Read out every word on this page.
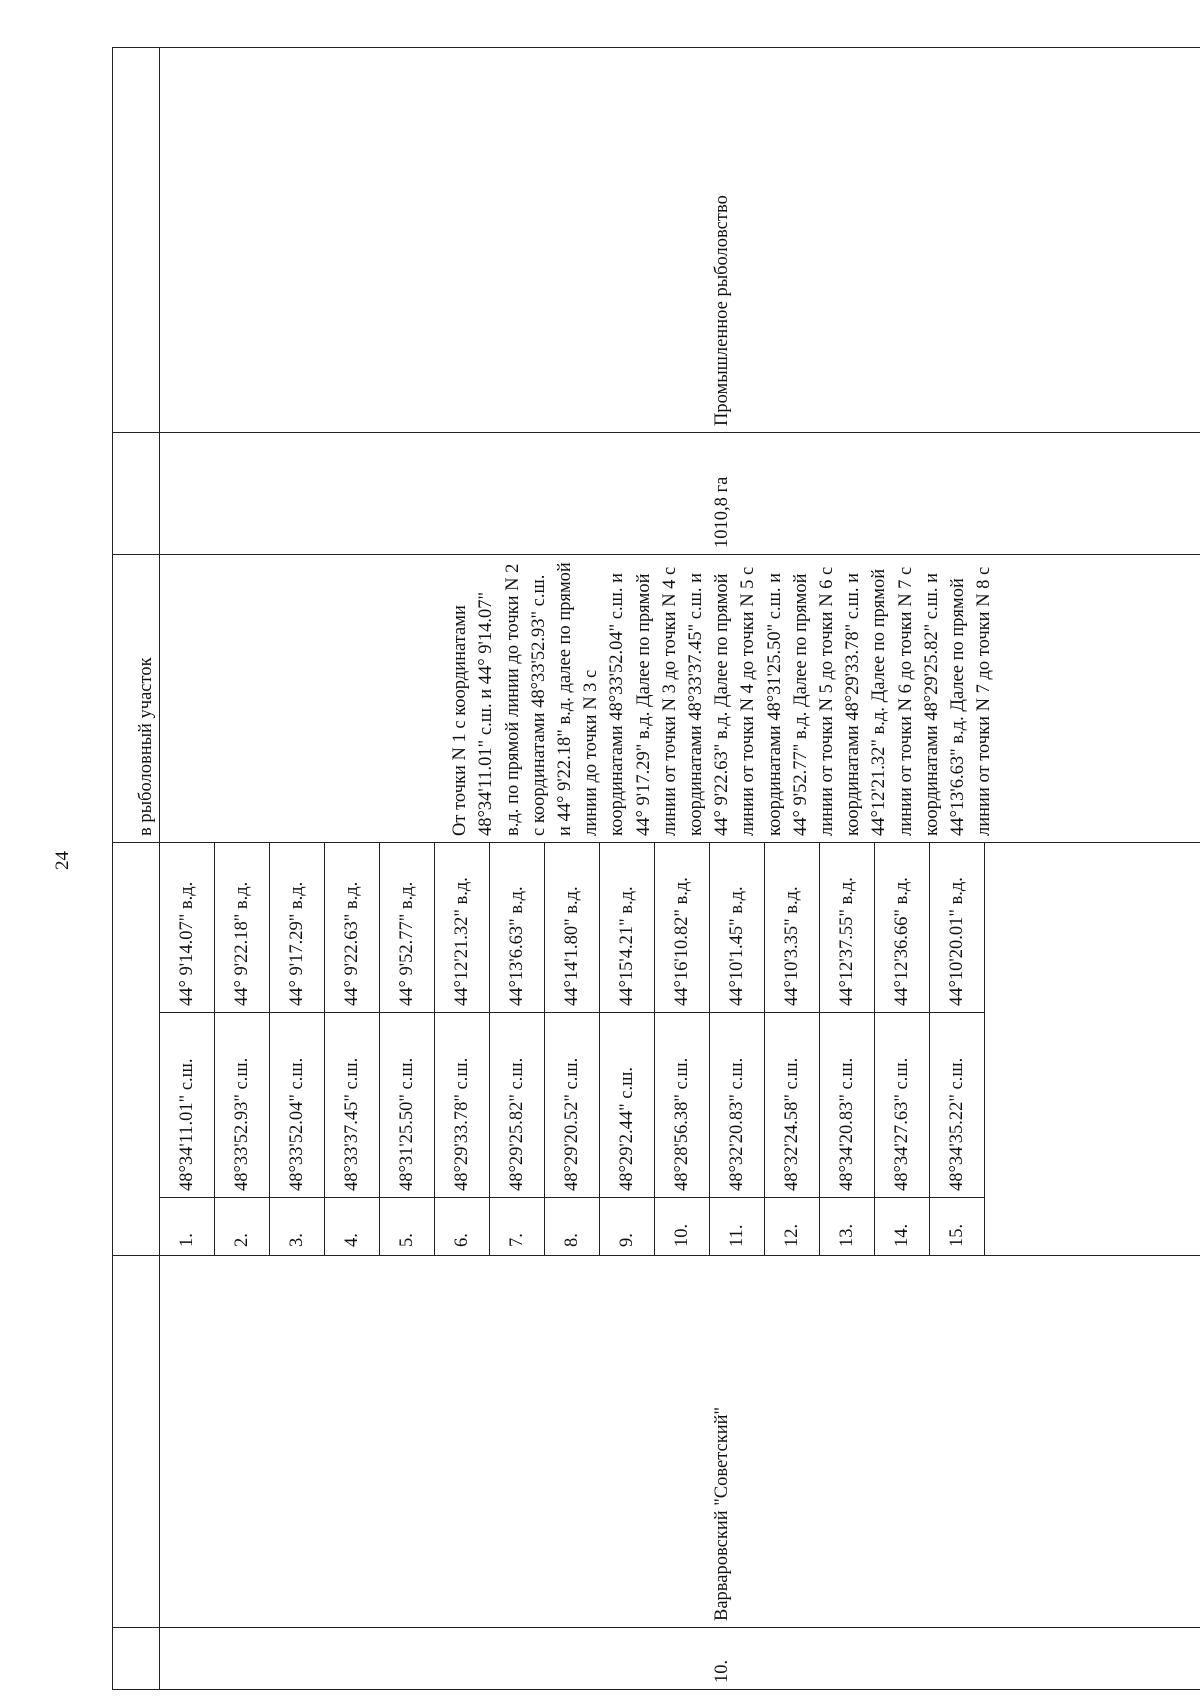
24
					в рыболовный участок		
10.	Варваровский "Советский"	1.	48°34'11.01" с.ш.	44° 9'14.07" в.д.	От точки N 1 с координатами 48°34'11.01" с.ш. и 44° 9'14.07" в.д. по прямой линии до точки N 2 с координатами 48°33'52.93" с.ш. и 44° 9'22.18" в.д. далее по прямой линии до точки N 3 с координатами 48°33'52.04" с.ш. и 44° 9'17.29" в.д. Далее по прямой линии от точки N 3 до точки N 4 с координатами 48°33'37.45" с.ш. и 44° 9'22.63" в.д. Далее по прямой линии от точки N 4 до точки N 5 с координатами 48°31'25.50" с.ш. и 44° 9'52.77" в.д. Далее по прямой линии от точки N 5 до точки N 6 с координатами 48°29'33.78" с.ш. и 44°12'21.32" в.д. Далее по прямой линии от точки N 6 до точки N 7 с координатами 48°29'25.82" с.ш. и 44°13'6.63" в.д. Далее по прямой линии от точки N 7 до точки N 8 с	1010,8 га	Промышленное рыболовство
		2.	48°33'52.93" с.ш.	44° 9'22.18" в.д.			
		3.	48°33'52.04" с.ш.	44° 9'17.29" в.д.			
		4.	48°33'37.45" с.ш.	44° 9'22.63" в.д.			
		5.	48°31'25.50" с.ш.	44° 9'52.77" в.д.			
		6.	48°29'33.78" с.ш.	44°12'21.32" в.д.			
		7.	48°29'25.82" с.ш.	44°13'6.63" в.д.			
		8.	48°29'20.52" с.ш.	44°14'1.80" в.д.			
		9.	48°29'2.44" с.ш.	44°15'4.21" в.д.			
		10.	48°28'56.38" с.ш.	44°16'10.82" в.д.			
		11.	48°32'20.83" с.ш.	44°10'1.45" в.д.			
		12.	48°32'24.58" с.ш.	44°10'3.35" в.д.			
		13.	48°34'20.83" с.ш.	44°12'37.55" в.д.			
		14.	48°34'27.63" с.ш.	44°12'36.66" в.д.			
		15.	48°34'35.22" с.ш.	44°10'20.01" в.д.			
